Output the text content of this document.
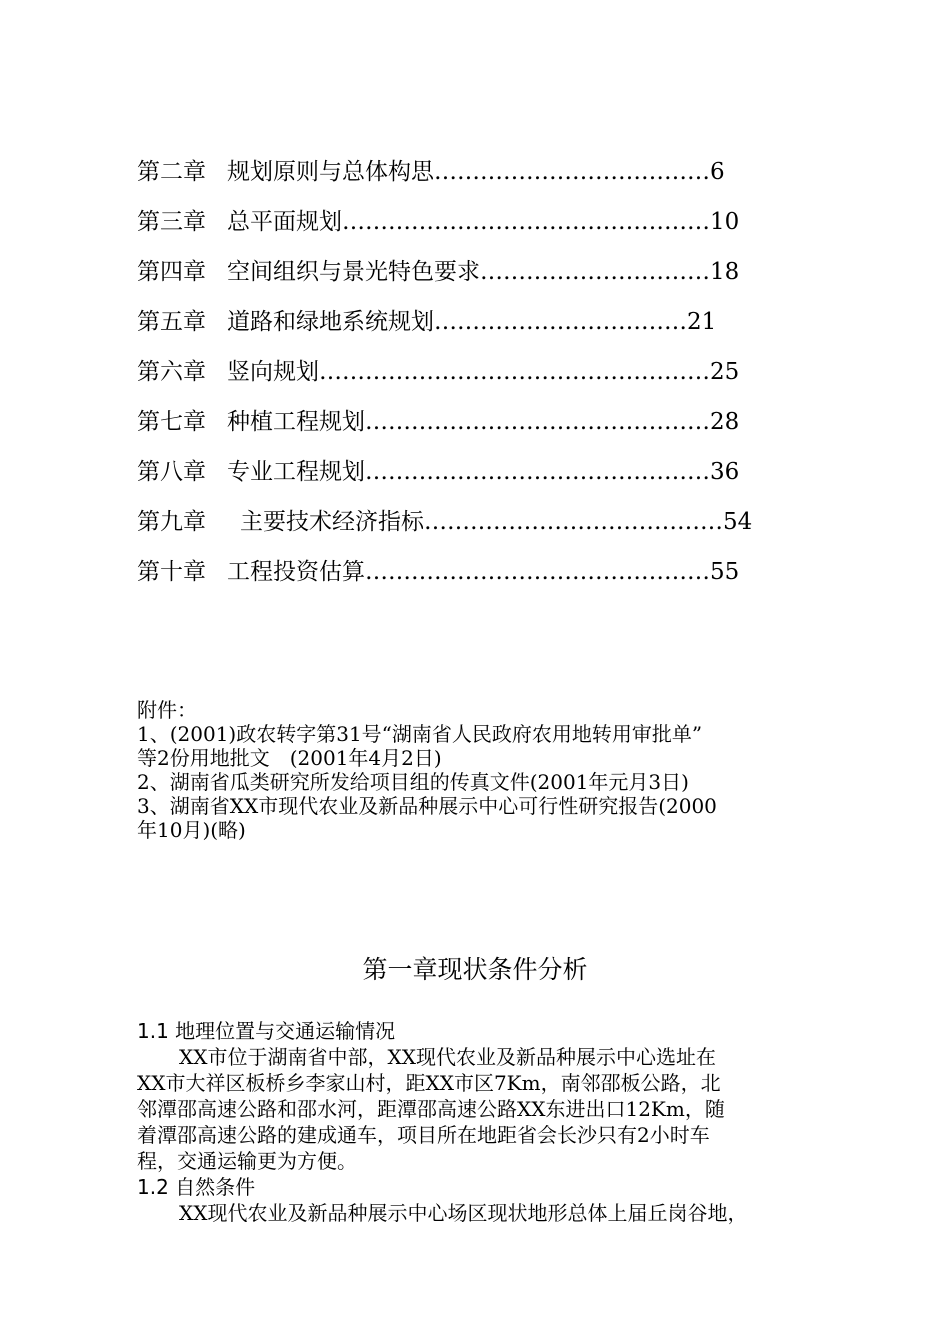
第二章 规划原则与总体构思 ……………………………… 6
第三章 总平面规划 ………………………………………… 10
第四章 空间组织与景光特色要求 ………………………… 18
第五章 道路和绿地系统规划 …………………………… 21
第六章 竖向规划 …………………………………………… 25
第七章 种植工程规划 ……………………………………… 28
第八章 专业工程规划 ……………………………………… 36
第九章	主要技术经济指标 ………………………………… 54
第十章 工程投资估算 ……………………………………… 55

附件：

1、(2001)政农转字第31号“湖南省人民政府农用地转用审批单”

等2份用地批文　(2001年4月2日)

2、湖南省瓜类研究所发给项目组的传真文件(2001年元月3日)

3、湖南省XX市现代农业及新品种展示中心可行性研究报告(2000

年10月)(略)

第一章现状条件分析
1.1 地理位置与交通运输情况

XX市位于湖南省中部，XX现代农业及新品种展示中心选址在

XX市大祥区板桥乡李家山村，距XX市区7Km，南邻邵板公路，北

邻潭邵高速公路和邵水河，距潭邵高速公路XX东进出口12Km，随

着潭邵高速公路的建成通车，项目所在地距省会长沙只有2小时车

程，交通运输更为方便。

1.2 自然条件

XX现代农业及新品种展示中心场区现状地形总体上届丘岗谷地，
